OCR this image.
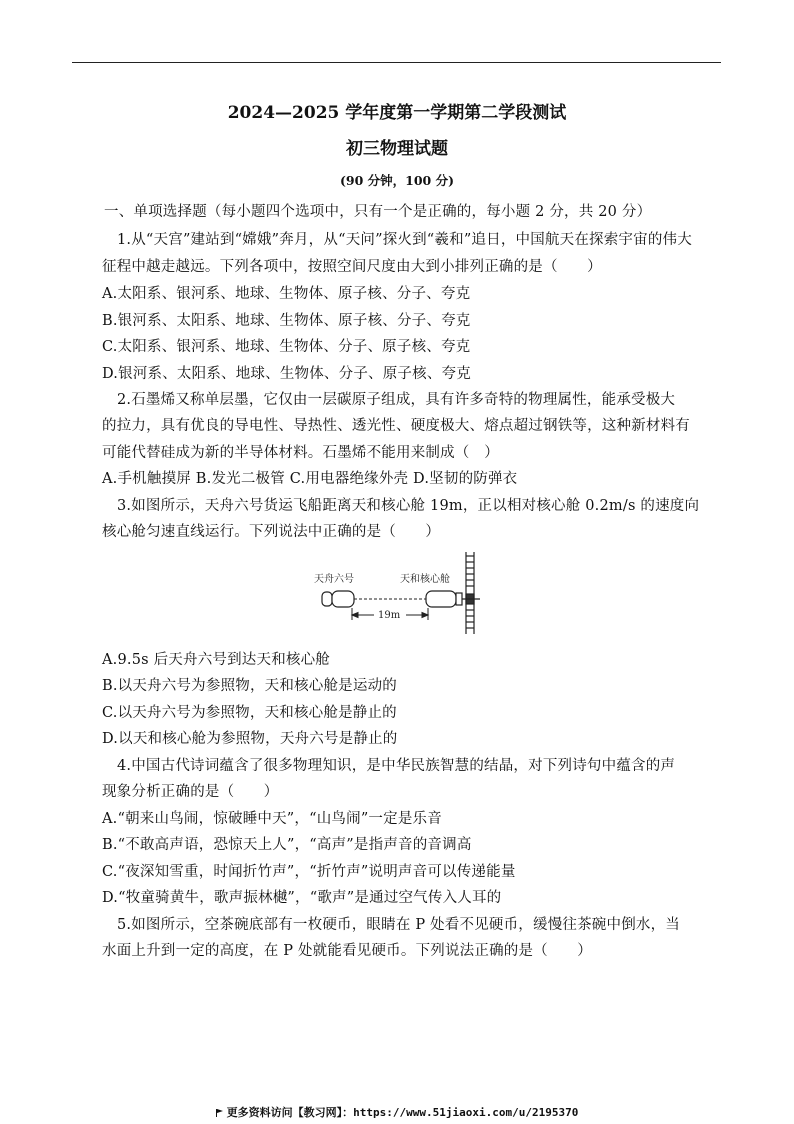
2024—2025 学年度第一学期第二学段测试
初三物理试题
(90 分钟，100 分)
一、单项选择题（每小题四个选项中，只有一个是正确的，每小题 2 分，共 20 分）
1.从“天宫”建站到“嫦娥”奔月，从“天问”探火到“羲和”追日，中国航天在探索宇宙的伟大
征程中越走越远。下列各项中，按照空间尺度由大到小排列正确的是（　　）
A.太阳系、银河系、地球、生物体、原子核、分子、夸克
B.银河系、太阳系、地球、生物体、原子核、分子、夸克
C.太阳系、银河系、地球、生物体、分子、原子核、夸克
D.银河系、太阳系、地球、生物体、分子、原子核、夸克
2.石墨烯又称单层墨，它仅由一层碳原子组成，具有许多奇特的物理属性，能承受极大
的拉力，具有优良的导电性、导热性、透光性、硬度极大、熔点超过钢铁等，这种新材料有
可能代替硅成为新的半导体材料。石墨烯不能用来制成（　）
A.手机触摸屏 B.发光二极管 C.用电器绝缘外壳 D.坚韧的防弹衣
3.如图所示，天舟六号货运飞船距离天和核心舱 19m，正以相对核心舱 0.2m/s 的速度向
核心舱匀速直线运行。下列说法中正确的是（　　）
天舟六号	天和核心舱
19m
A.9.5s 后天舟六号到达天和核心舱
B.以天舟六号为参照物，天和核心舱是运动的
C.以天舟六号为参照物，天和核心舱是静止的
D.以天和核心舱为参照物，天舟六号是静止的
4.中国古代诗词蕴含了很多物理知识，是中华民族智慧的结晶，对下列诗句中蕴含的声
现象分析正确的是（　　）
A.“朝来山鸟闹，惊破睡中天”，“山鸟闹”一定是乐音
B.“不敢高声语，恐惊天上人”，“高声”是指声音的音调高
C.“夜深知雪重，时闻折竹声”，“折竹声”说明声音可以传递能量
D.“牧童骑黄牛，歌声振林樾”，“歌声”是通过空气传入人耳的
5.如图所示，空茶碗底部有一枚硬币，眼睛在 P 处看不见硬币，缓慢往茶碗中倒水，当
水面上升到一定的高度，在 P 处就能看见硬币。下列说法正确的是（　　）
更多资料访问【教习网】：https://www.51jiaoxi.com/u/2195370
